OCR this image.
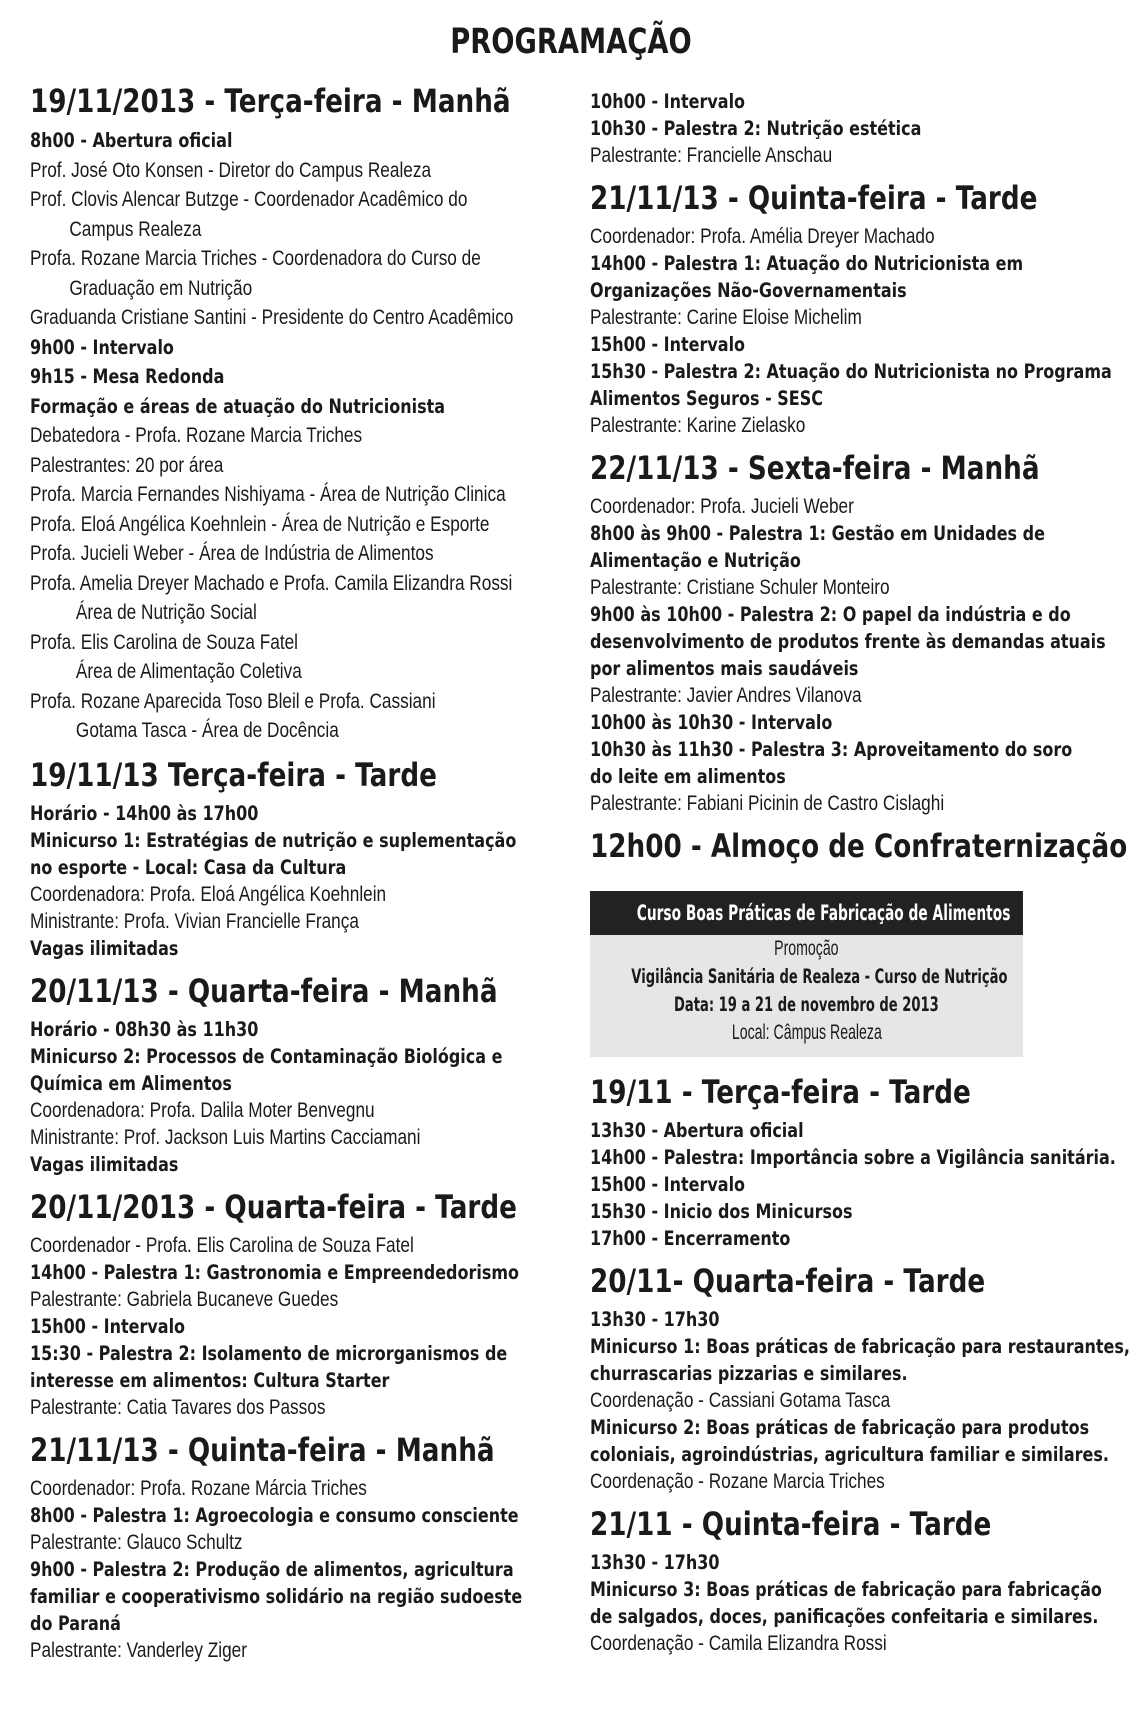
PROGRAMAÇÃO
19/11/2013 - Terça-feira - Manhã
8h00 - Abertura oficial
Prof. José Oto Konsen - Diretor do Campus Realeza
Prof. Clovis Alencar Butzge - Coordenador Acadêmico do
Campus Realeza
Profa. Rozane Marcia Triches - Coordenadora do Curso de
Graduação em Nutrição
Graduanda Cristiane Santini - Presidente do Centro Acadêmico
9h00 - Intervalo
9h15 - Mesa Redonda
Formação e áreas de atuação do Nutricionista
Debatedora - Profa. Rozane Marcia Triches
Palestrantes: 20 por área
Profa. Marcia Fernandes Nishiyama - Área de Nutrição Clinica
Profa. Eloá Angélica Koehnlein - Área de Nutrição e Esporte
Profa. Jucieli Weber - Área de Indústria de Alimentos
Profa. Amelia Dreyer Machado e Profa. Camila Elizandra Rossi
Área de Nutrição Social
Profa. Elis Carolina de Souza Fatel
Área de Alimentação Coletiva
Profa. Rozane Aparecida Toso Bleil e Profa. Cassiani
Gotama Tasca - Área de Docência
19/11/13 Terça-feira - Tarde
Horário - 14h00 às 17h00
Minicurso 1: Estratégias de nutrição e suplementação
no esporte - Local: Casa da Cultura
Coordenadora: Profa. Eloá Angélica Koehnlein
Ministrante: Profa. Vivian Francielle França
Vagas ilimitadas
20/11/13 - Quarta-feira - Manhã
Horário - 08h30 às 11h30
Minicurso 2: Processos de Contaminação Biológica e
Química em Alimentos
Coordenadora: Profa. Dalila Moter Benvegnu
Ministrante: Prof. Jackson Luis Martins Cacciamani
Vagas ilimitadas
20/11/2013 - Quarta-feira - Tarde
Coordenador - Profa. Elis Carolina de Souza Fatel
14h00 - Palestra 1: Gastronomia e Empreendedorismo
Palestrante: Gabriela Bucaneve Guedes
15h00 - Intervalo
15:30 - Palestra 2: Isolamento de microrganismos de
interesse em alimentos: Cultura Starter
Palestrante: Catia Tavares dos Passos
21/11/13 - Quinta-feira - Manhã
Coordenador: Profa. Rozane Márcia Triches
8h00 - Palestra 1: Agroecologia e consumo consciente
Palestrante: Glauco Schultz
9h00 - Palestra 2: Produção de alimentos, agricultura
familiar e cooperativismo solidário na região sudoeste
do Paraná
Palestrante: Vanderley Ziger
10h00 - Intervalo
10h30 - Palestra 2: Nutrição estética
Palestrante: Francielle Anschau
21/11/13 - Quinta-feira - Tarde
Coordenador: Profa. Amélia Dreyer Machado
14h00 - Palestra 1: Atuação do Nutricionista em
Organizações Não-Governamentais
Palestrante: Carine Eloise Michelim
15h00 - Intervalo
15h30 - Palestra 2: Atuação do Nutricionista no Programa
Alimentos Seguros - SESC
Palestrante: Karine Zielasko
22/11/13 - Sexta-feira - Manhã
Coordenador: Profa. Jucieli Weber
8h00 às 9h00 - Palestra 1: Gestão em Unidades de
Alimentação e Nutrição
Palestrante: Cristiane Schuler Monteiro
9h00 às 10h00 - Palestra 2: O papel da indústria e do
desenvolvimento de produtos frente às demandas atuais
por alimentos mais saudáveis
Palestrante: Javier Andres Vilanova
10h00 às 10h30 - Intervalo
10h30 às 11h30 - Palestra 3: Aproveitamento do soro
do leite em alimentos
Palestrante: Fabiani Picinin de Castro Cislaghi
12h00 - Almoço de Confraternização
Curso Boas Práticas de Fabricação de Alimentos
Promoção
Vigilância Sanitária de Realeza - Curso de Nutrição
Data: 19 a 21 de novembro de 2013
Local: Câmpus Realeza
19/11 - Terça-feira - Tarde
13h30 - Abertura oficial
14h00 - Palestra: Importância sobre a Vigilância sanitária.
15h00 - Intervalo
15h30 - Inicio dos Minicursos
17h00 - Encerramento
20/11- Quarta-feira - Tarde
13h30 - 17h30
Minicurso 1: Boas práticas de fabricação para restaurantes,
churrascarias pizzarias e similares.
Coordenação - Cassiani Gotama Tasca
Minicurso 2: Boas práticas de fabricação para produtos
coloniais, agroindústrias, agricultura familiar e similares.
Coordenação - Rozane Marcia Triches
21/11 - Quinta-feira - Tarde
13h30 - 17h30
Minicurso 3: Boas práticas de fabricação para fabricação
de salgados, doces, panificações confeitaria e similares.
Coordenação - Camila Elizandra Rossi
